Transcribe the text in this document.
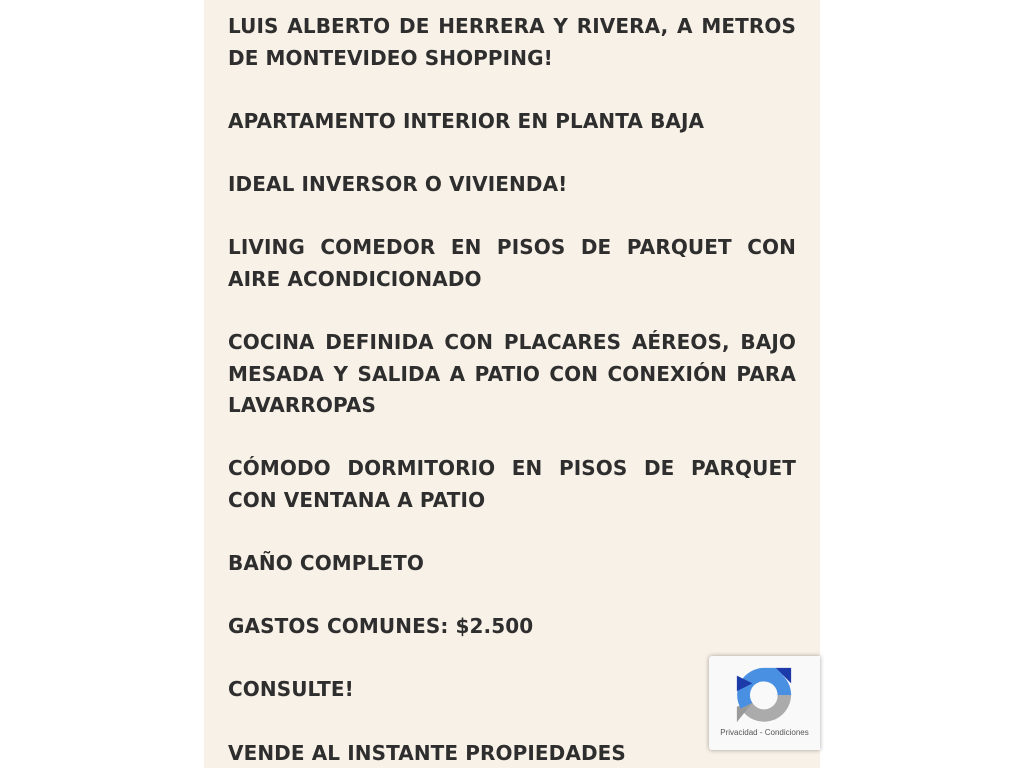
LUIS ALBERTO DE HERRERA Y RIVERA, A METROS DE MONTEVIDEO SHOPPING!

APARTAMENTO INTERIOR EN PLANTA BAJA

IDEAL INVERSOR O VIVIENDA!

LIVING COMEDOR EN PISOS DE PARQUET CON AIRE ACONDICIONADO

COCINA DEFINIDA CON PLACARES AÉREOS, BAJO MESADA Y SALIDA A PATIO CON CONEXIÓN PARA LAVARROPAS

CÓMODO DORMITORIO EN PISOS DE PARQUET CON VENTANA A PATIO

BAÑO COMPLETO

GASTOS COMUNES: $2.500

CONSULTE!

VENDE AL INSTANTE PROPIEDADES

Privacidad - Condiciones
